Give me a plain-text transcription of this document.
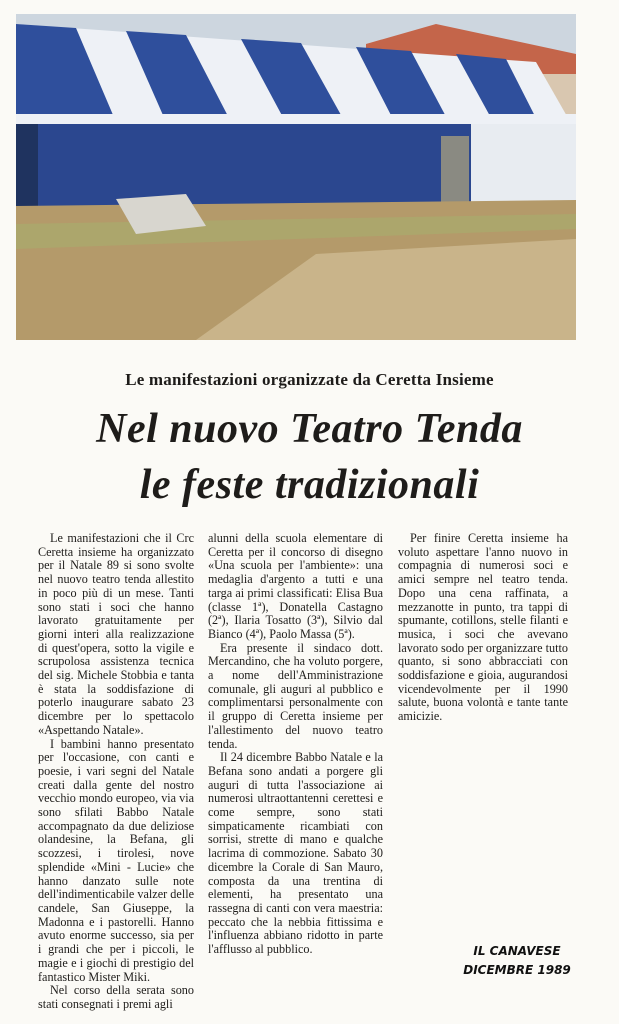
Le manifestazioni organizzate da Ceretta Insieme
Nel nuovo Teatro Tenda
le feste tradizionali

Le manifestazioni che il Crc Ceretta insieme ha organizzato per il Natale 89 si sono svolte nel nuovo teatro tenda allestito in poco più di un mese. Tanti sono stati i soci che hanno lavorato gratuitamente per giorni interi alla realizzazione di quest'opera, sotto la vigile e scrupolosa assistenza tecnica del sig. Michele Stobbia e tanta è stata la soddisfazione di poterlo inaugurare sabato 23 dicembre per lo spettacolo «Aspettando Natale».

I bambini hanno presentato per l'occasione, con canti e poesie, i vari segni del Natale creati dalla gente del nostro vecchio mondo europeo, via via sono sfilati Babbo Natale accompagnato da due deliziose olandesine, la Befana, gli scozzesi, i tirolesi, nove splendide «Mini - Lucie» che hanno danzato sulle note dell'indimenticabile valzer delle candele, San Giuseppe, la Madonna e i pastorelli. Hanno avuto enorme successo, sia per i grandi che per i piccoli, le magie e i giochi di prestigio del fantastico Mister Miki.

Nel corso della serata sono stati consegnati i premi agli

alunni della scuola elementare di Ceretta per il concorso di disegno «Una scuola per l'ambiente»: una medaglia d'argento a tutti e una targa ai primi classificati: Elisa Bua (classe 1ª), Donatella Castagno (2ª), Ilaria Tosatto (3ª), Silvio dal Bianco (4ª), Paolo Massa (5ª).

Era presente il sindaco dott. Mercandino, che ha voluto porgere, a nome dell'Amministrazione comunale, gli auguri al pubblico e complimentarsi personalmente con il gruppo di Ceretta insieme per l'allestimento del nuovo teatro tenda.

Il 24 dicembre Babbo Natale e la Befana sono andati a porgere gli auguri di tutta l'associazione ai numerosi ultraottantenni cerettesi e come sempre, sono stati simpaticamente ricambiati con sorrisi, strette di mano e qualche lacrima di commozione. Sabato 30 dicembre la Corale di San Mauro, composta da una trentina di elementi, ha presentato una rassegna di canti con vera maestria: peccato che la nebbia fittissima e l'influenza abbiano ridotto in parte l'afflusso al pubblico.

Per finire Ceretta insieme ha voluto aspettare l'anno nuovo in compagnia di numerosi soci e amici sempre nel teatro tenda. Dopo una cena raffinata, a mezzanotte in punto, tra tappi di spumante, cotillons, stelle filanti e musica, i soci che avevano lavorato sodo per organizzare tutto quanto, si sono abbracciati con soddisfazione e gioia, augurandosi vicendevolmente per il 1990 salute, buona volontà e tante tante amicizie.

IL CANAVESE
DICEMBRE 1989
